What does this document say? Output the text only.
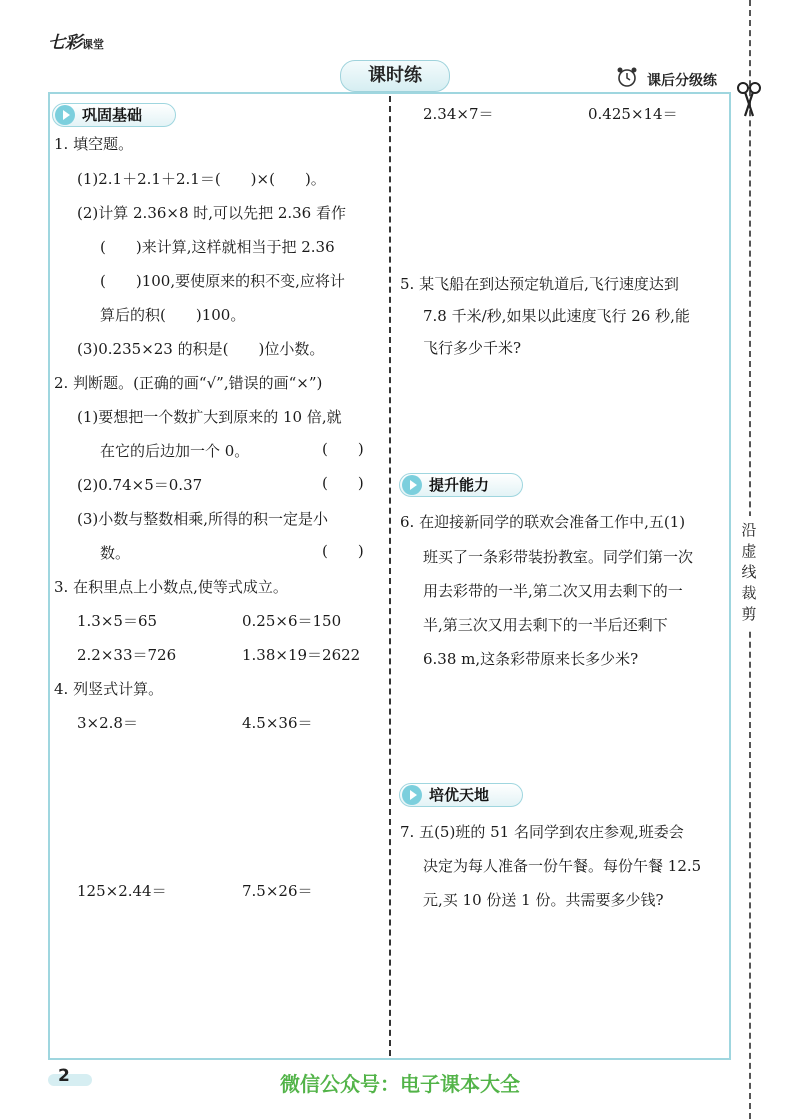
七彩课堂
课时练	课后分级练
沿
虚
线
裁
剪
巩固基础
1. 填空题。
(1)2.1＋2.1＋2.1＝(　　)×(　　)。
(2)计算 2.36×8 时,可以先把 2.36 看作
(　　)来计算,这样就相当于把 2.36
(　　)100,要使原来的积不变,应将计
算后的积(　　)100。
(3)0.235×23 的积是(　　)位小数。
2. 判断题。(正确的画“√”,错误的画“×”)
(1)要想把一个数扩大到原来的 10 倍,就
在它的后边加一个 0。	(　　)
(2)0.74×5＝0.37	(　　)
(3)小数与整数相乘,所得的积一定是小
数。	(　　)
3. 在积里点上小数点,使等式成立。
1.3×5＝65	0.25×6＝150
2.2×33＝726	1.38×19＝2622
4. 列竖式计算。
3×2.8＝	4.5×36＝
125×2.44＝	7.5×26＝
2.34×7＝	0.425×14＝
5. 某飞船在到达预定轨道后,飞行速度达到
7.8 千米/秒,如果以此速度飞行 26 秒,能
飞行多少千米?
提升能力
6. 在迎接新同学的联欢会准备工作中,五(1)
班买了一条彩带装扮教室。同学们第一次
用去彩带的一半,第二次又用去剩下的一
半,第三次又用去剩下的一半后还剩下
6.38 m,这条彩带原来长多少米?
培优天地
7. 五(5)班的 51 名同学到农庄参观,班委会
决定为每人准备一份午餐。每份午餐 12.5
元,买 10 份送 1 份。共需要多少钱?
2	微信公众号：电子课本大全
